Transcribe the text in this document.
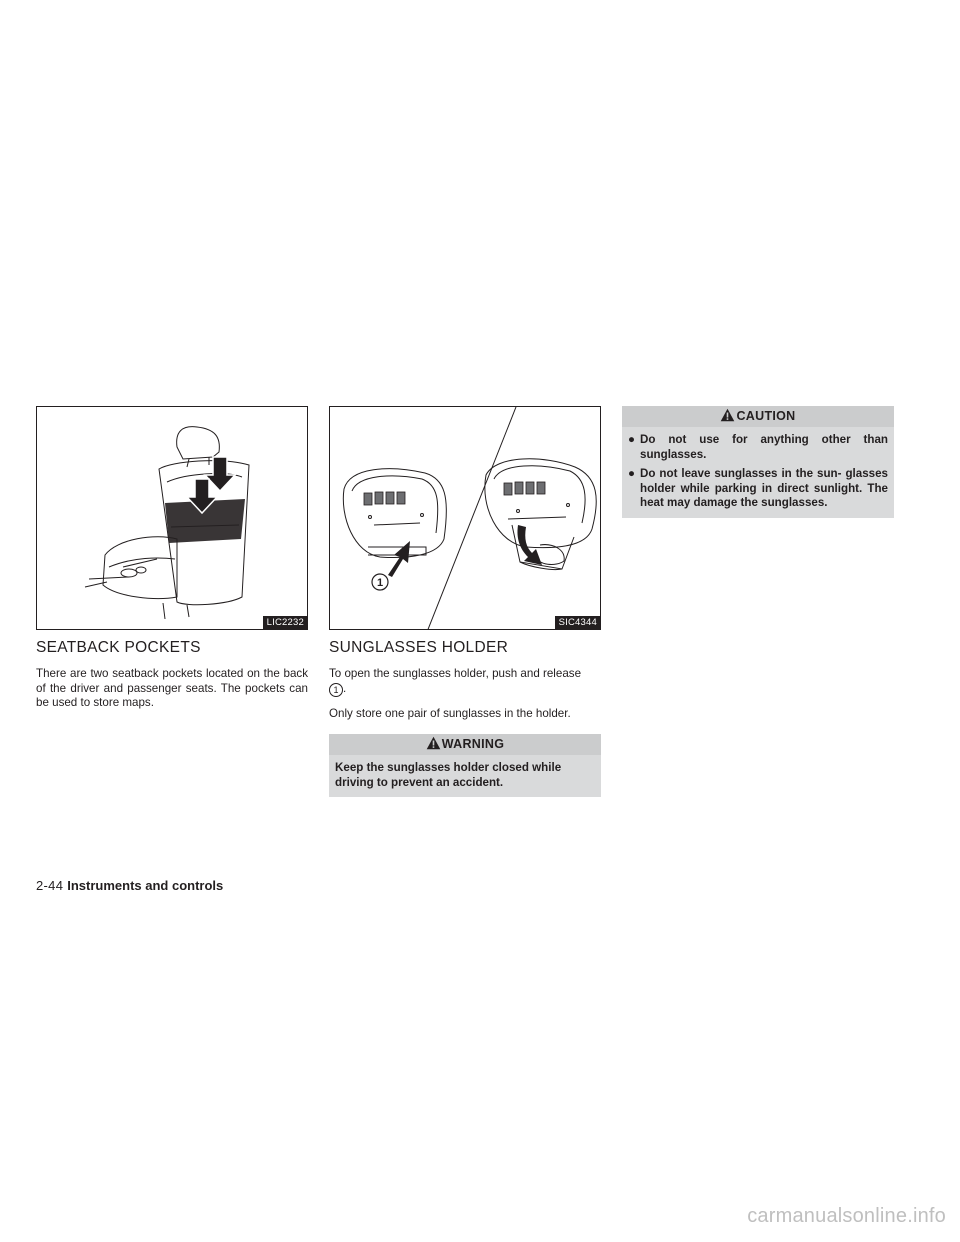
LIC2232
SEATBACK POCKETS

There are two seatback pockets located on the back of the driver and passenger seats. The pockets can be used to store maps.

1
SIC4344
SUNGLASSES HOLDER

To open the sunglasses holder, push and release
1 .

Only store one pair of sunglasses in the holder.

WARNING
Keep the sunglasses holder closed while driving to prevent an accident.
CAUTION
● Do not use for anything other than sunglasses.
● Do not leave sunglasses in the sun- glasses holder while parking in direct sunlight. The heat may damage the sunglasses.
2-44 Instruments and controls
carmanualsonline.info
